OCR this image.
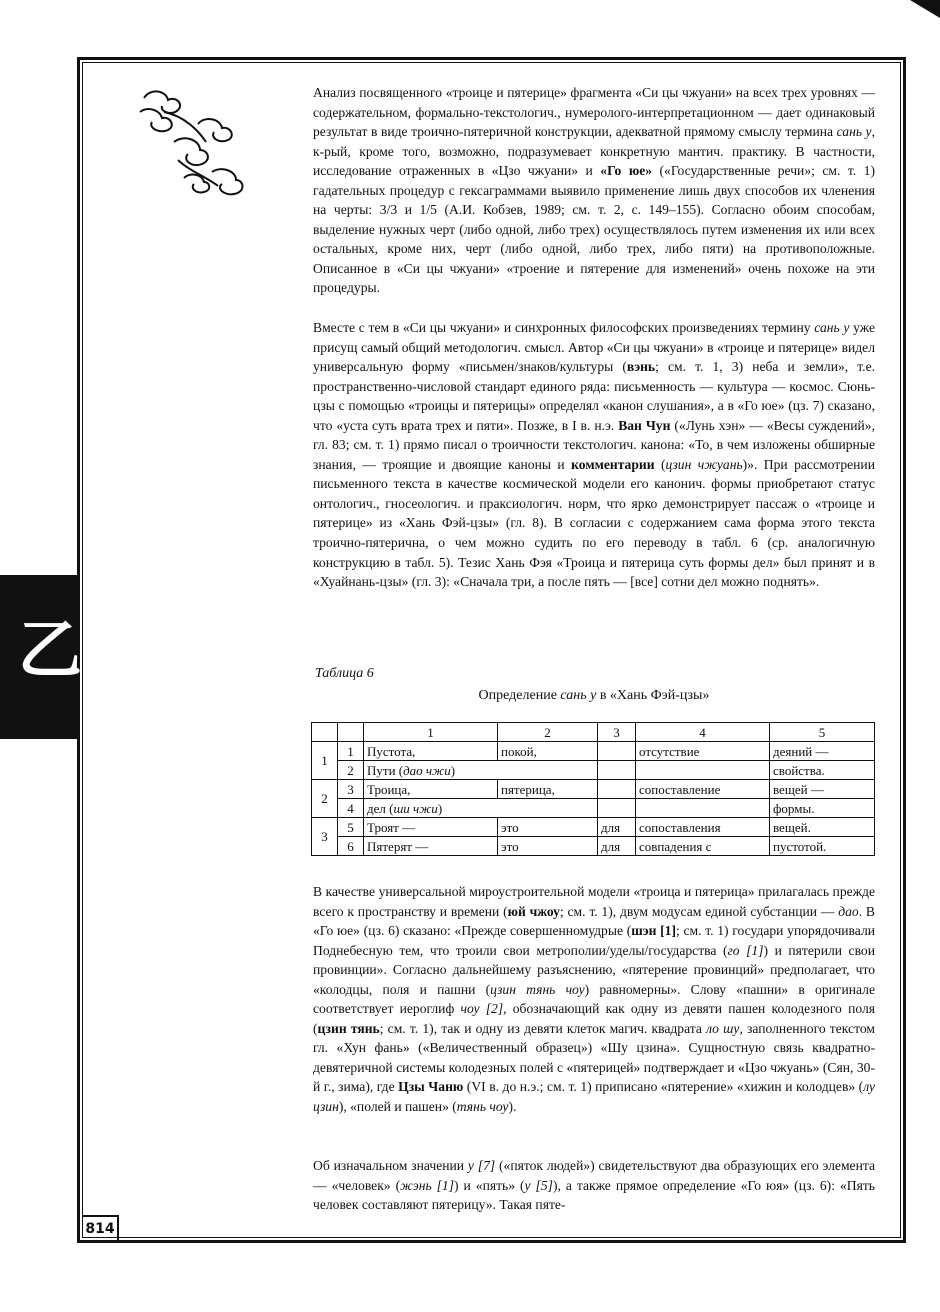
乙

Анализ посвященного «троице и пятерице» фрагмента «Си цы чжуани» на всех трех уровнях — содержательном, формально-текстологич., нумеролого-интерпретационном — дает одинаковый результат в виде троично-пятеричной конструкции, адекватной прямому смыслу термина сань у, к-рый, кроме того, возможно, подразумевает конкретную мантич. практику. В частности, исследование отраженных в «Цзо чжуани» и «Го юе» («Государственные речи»; см. т. 1) гадательных процедур с гексаграммами выявило применение лишь двух способов их членения на черты: 3/3 и 1/5 (А.И. Кобзев, 1989; см. т. 2, с. 149–155). Согласно обоим способам, выделение нужных черт (либо одной, либо трех) осуществлялось путем изменения их или всех остальных, кроме них, черт (либо одной, либо трех, либо пяти) на противоположные. Описанное в «Си цы чжуани» «троение и пятерение для изменений» очень похоже на эти процедуры.

Вместе с тем в «Си цы чжуани» и синхронных философских произведениях термину сань у уже присущ самый общий методологич. смысл. Автор «Си цы чжуани» в «троице и пятерице» видел универсальную форму «письмен/знаков/культуры (вэнь; см. т. 1, 3) неба и земли», т.е. пространственно-числовой стандарт единого ряда: письменность — культура — космос. Сюнь-цзы с помощью «троицы и пятерицы» определял «канон слушания», а в «Го юе» (цз. 7) сказано, что «уста суть врата трех и пяти». Позже, в I в. н.э. Ван Чун («Лунь хэн» — «Весы суждений», гл. 83; см. т. 1) прямо писал о троичности текстологич. канона: «То, в чем изложены обширные знания, — троящие и двоящие каноны и комментарии (цзин чжуань)». При рассмотрении письменного текста в качестве космической модели его канонич. формы приобретают статус онтологич., гносеологич. и праксиологич. норм, что ярко демонстрирует пассаж о «троице и пятерице» из «Хань Фэй-цзы» (гл. 8). В согласии с содержанием сама форма этого текста троично-пятерична, о чем можно судить по его переводу в табл. 6 (ср. аналогичную конструкцию в табл. 5). Тезис Хань Фэя «Троица и пятерица суть формы дел» был принят и в «Хуайнань-цзы» (гл. 3): «Сначала три, а после пять — [все] сотни дел можно поднять».

Таблица 6
Определение сань у в «Хань Фэй-цзы»
		1	2	3	4	5
1	1	Пустота,	покой,		отсутствие	деяний —
	2	Пути (дао чжи)				свойства.
2	3	Троица,	пятерица,		сопоставление	вещей —
	4	дел (ши чжи)				формы.
3	5	Троят —	это	для	сопоставления	вещей.
	6	Пятерят —	это	для	совпадения с	пустотой.

В качестве универсальной мироустроительной модели «троица и пятерица» прилагалась прежде всего к пространству и времени (юй чжоу; см. т. 1), двум модусам единой субстанции — дао. В «Го юе» (цз. 6) сказано: «Прежде совершенномудрые (шэн [1]; см. т. 1) государи упорядочивали Поднебесную тем, что троили свои метрополии/уделы/государства (го [1]) и пятерили свои провинции». Согласно дальнейшему разъяснению, «пятерение провинций» предполагает, что «колодцы, поля и пашни (цзин тянь чоу) равномерны». Слову «пашни» в оригинале соответствует иероглиф чоу [2], обозначающий как одну из девяти пашен колодезного поля (цзин тянь; см. т. 1), так и одну из девяти клеток магич. квадрата ло шу, заполненного текстом гл. «Хун фань» («Величественный образец») «Шу цзина». Сущностную связь квадратно-девятеричной системы колодезных полей с «пятерицей» подтверждает и «Цзо чжуань» (Сян, 30-й г., зима), где Цзы Чаню (VI в. до н.э.; см. т. 1) приписано «пятерение» «хижин и колодцев» (лу цзин), «полей и пашен» (тянь чоу).

Об изначальном значении у [7] («пяток людей») свидетельствуют два образующих его элемента — «человек» (жэнь [1]) и «пять» (у [5]), а также прямое определение «Го юя» (цз. 6): «Пять человек составляют пятерицу». Такая пяте-

814
